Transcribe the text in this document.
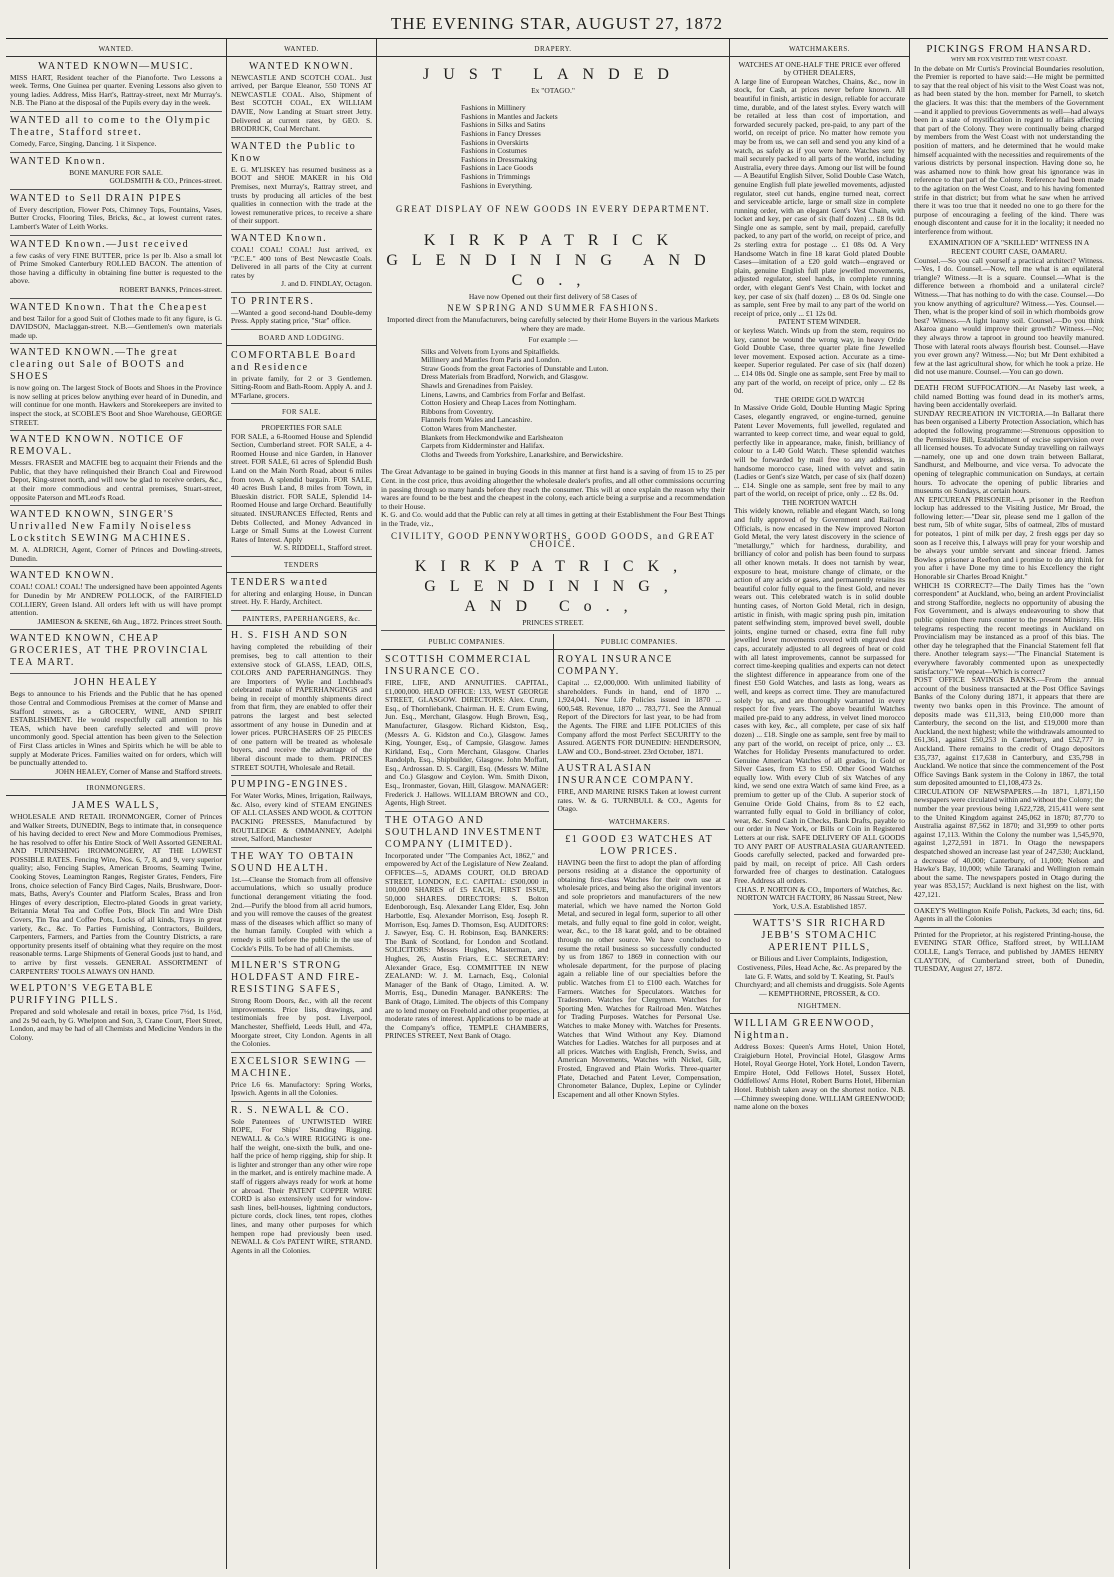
THE EVENING STAR, AUGUST 27, 1872
WANTED.

WANTED KNOWN—MUSIC.

MISS HART, Resident teacher of the Pianoforte. Two Lessons a week. Terms, One Guinea per quarter. Evening Lessons also given to young ladies. Address, Miss Hart's, Rattray-street, next Mr Murray's. N.B. The Piano at the disposal of the Pupils every day in the week.

WANTED all to come to the Olympic Theatre, Stafford street.

Comedy, Farce, Singing, Dancing. 1 it Sixpence.

WANTED Known.

BONE MANURE FOR SALE.

GOLDSMITH & CO., Princes-street.

WANTED to Sell DRAIN PIPES

of Every description, Flower Pots, Chimney Tops, Fountains, Vases, Butter Crocks, Flooring Tiles, Bricks, &c., at lowest current rates. Lambert's Water of Leith Works.

WANTED Known.—Just received

a few casks of very FINE BUTTER, price 1s per lb. Also a small lot of Prime Smoked Canterbury ROLLED BACON. The attention of those having a difficulty in obtaining fine butter is requested to the above.

ROBERT BANKS, Princes-street.

WANTED Known. That the Cheapest

and best Tailor for a good Suit of Clothes made to fit any figure, is G. DAVIDSON, Maclaggan-street. N.B.—Gentlemen's own materials made up.

WANTED KNOWN.—The great clearing out Sale of BOOTS and SHOES

is now going on. The largest Stock of Boots and Shoes in the Province is now selling at prices below anything ever heard of in Dunedin, and will continue for one month. Hawkers and Storekeepers are invited to inspect the stock, at SCOBLE'S Boot and Shoe Warehouse, GEORGE STREET.

WANTED KNOWN. NOTICE OF REMOVAL.

Messrs. FRASER and MACFIE beg to acquaint their Friends and the Public, that they have relinquished their Branch Coal and Firewood Depot, King-street north, and will now be glad to receive orders, &c., at their more commodious and central premises, Stuart-street, opposite Paterson and M'Leod's Road.

WANTED KNOWN, SINGER'S Unrivalled New Family Noiseless Lockstitch SEWING MACHINES.

M. A. ALDRICH, Agent, Corner of Princes and Dowling-streets, Dunedin.

WANTED KNOWN.

COAL! COAL! COAL! The undersigned have been appointed Agents for Dunedin by Mr ANDREW POLLOCK, of the FAIRFIELD COLLIERY, Green Island. All orders left with us will have prompt attention.

JAMIESON & SKENE, 6th Aug., 1872. Princes street South.

WANTED KNOWN, CHEAP GROCERIES, AT THE PROVINCIAL TEA MART.

JOHN HEALEY

Begs to announce to his Friends and the Public that he has opened those Central and Commodious Premises at the corner of Manse and Stafford streets, as a GROCERY, WINE, AND SPIRIT ESTABLISHMENT. He would respectfully call attention to his TEAS, which have been carefully selected and will prove uncommonly good. Special attention has been given to the Selection of First Class articles in Wines and Spirits which he will be able to supply at Moderate Prices. Families waited on for orders, which will be punctually attended to.

JOHN HEALEY, Corner of Manse and Stafford streets.

IRONMONGERS.

JAMES WALLS,

WHOLESALE AND RETAIL IRONMONGER, Corner of Princes and Walker Streets, DUNEDIN, Begs to intimate that, in consequence of his having decided to erect New and More Commodious Premises, he has resolved to offer his Entire Stock of Well Assorted GENERAL AND FURNISHING IRONMONGERY, AT THE LOWEST POSSIBLE RATES. Fencing Wire, Nos. 6, 7, 8, and 9, very superior quality; also, Fencing Staples, American Brooms, Seaming Twine, Cooking Stoves, Leamington Ranges, Register Grates, Fenders, Fire Irons, choice selection of Fancy Bird Cages, Nails, Brushware, Door-mats, Baths, Avery's Counter and Platform Scales, Brass and Iron Hinges of every description, Electro-plated Goods in great variety, Britannia Metal Tea and Coffee Pots, Block Tin and Wire Dish Covers, Tin Tea and Coffee Pots, Locks of all kinds, Trays in great variety, &c., &c. To Parties Furnishing, Contractors, Builders, Carpenters, Farmers, and Parties from the Country Districts, a rare opportunity presents itself of obtaining what they require on the most reasonable terms. Large Shipments of General Goods just to hand, and to arrive by first vessels. GENERAL ASSORTMENT of CARPENTERS' TOOLS ALWAYS ON HAND.

WELPTON'S VEGETABLE PURIFYING PILLS.

Prepared and sold wholesale and retail in boxes, price 7½d, 1s 1½d, and 2s 9d each, by G. Whelpton and Son, 3, Crane Court, Fleet Street, London, and may be had of all Chemists and Medicine Vendors in the Colony.

WANTED.

WANTED KNOWN.

NEWCASTLE AND SCOTCH COAL. Just arrived, per Barque Eleanor, 550 TONS AT NEWCASTLE COAL. Also, Shipment of Best SCOTCH COAL, EX WILLIAM DAVIE, Now Landing at Stuart street Jetty. Delivered at current rates, by GEO. S. BRODRICK, Coal Merchant.

WANTED the Public to Know

E. G. M'LISKEY has resumed business as a BOOT and SHOE MAKER in his Old Premises, next Murray's, Rattray street, and trusts by producing all articles of the best qualities in connection with the trade at the lowest remunerative prices, to receive a share of their support.

WANTED Known.

COAL! COAL! COAL! Just arrived, ex "P.C.E." 400 tons of Best Newcastle Coals. Delivered in all parts of the City at current rates by

J. and D. FINDLAY, Octagon.

TO PRINTERS.

—Wanted a good second-hand Double-demy Press. Apply stating price, "Star" office.

BOARD AND LODGING.

COMFORTABLE Board and Residence

in private family, for 2 or 3 Gentlemen. Sitting-Room and Bath-Room. Apply A. and J. M'Farlane, grocers.

FOR SALE.

PROPERTIES FOR SALE

FOR SALE, a 6-Roomed House and Splendid Section, Cumberland street. FOR SALE, a 4-Roomed House and nice Garden, in Hanover street. FOR SALE, 61 acres of Splendid Bush Land on the Main North Road, about 6 miles from town. A splendid bargain. FOR SALE, 40 acres Bush Land, 8 miles from Town, in Blueskin district. FOR SALE, Splendid 14-Roomed House and large Orchard. Beautifully situated. INSURANCES Effected, Rents and Debts Collected, and Money Advanced in Large or Small Sums at the Lowest Current Rates of Interest. Apply

W. S. RIDDELL, Stafford street.

TENDERS

TENDERS wanted

for altering and enlarging House, in Duncan street. Hy. F. Hardy, Architect.

PAINTERS, PAPERHANGERS, &c.

H. S. FISH AND SON

having completed the rebuilding of their premises, beg to call attention to their extensive stock of GLASS, LEAD, OILS, COLORS AND PAPERHANGINGS. They are Importers of Wylie and Lochhead's celebrated make of PAPERHANGINGS and being in receipt of monthly shipments direct from that firm, they are enabled to offer their patrons the largest and best selected assortment of any house in Dunedin and at lower prices. PURCHASERS OF 25 PIECES of one pattern will be treated as wholesale buyers, and receive the advantage of the liberal discount made to them. PRINCES STREET SOUTH, Wholesale and Retail.

PUMPING-ENGINES.

For Water Works, Mines, Irrigation, Railways, &c. Also, every kind of STEAM ENGINES OF ALL CLASSES AND WOOL & COTTON PACKING PRESSES, Manufactured by ROUTLEDGE & OMMANNEY, Adelphi street, Salford, Manchester

THE WAY TO OBTAIN SOUND HEALTH.

1st.—Cleanse the Stomach from all offensive accumulations, which so usually produce functional derangement vitiating the food. 2nd.—Purify the blood from all acrid humors, and you will remove the causes of the greatest mass of the diseases which afflict so many of the human family. Coupled with which a remedy is still before the public in the use of Cockle's Pills. To be had of all Chemists.

MILNER'S STRONG HOLDFAST AND FIRE-RESISTING SAFES,

Strong Room Doors, &c., with all the recent improvements. Price lists, drawings, and testimonials free by post. Liverpool, Manchester, Sheffield, Leeds Hull, and 47a, Moorgate street, City London. Agents in all the Colonies.

EXCELSIOR SEWING — MACHINE.

Price L6 6s. Manufactory: Spring Works, Ipswich. Agents in all the Colonies.

R. S. NEWALL & CO.

Sole Patentees of UNTWISTED WIRE ROPE, For Ships' Standing Rigging. NEWALL & Co.'s WIRE RIGGING is one-half the weight, one-sixth the bulk, and one-half the price of hemp rigging, ship for ship. It is lighter and stronger than any other wire rope in the market, and is entirely machine made. A staff of riggers always ready for work at home or abroad. Their PATENT COPPER WIRE CORD is also extensively used for window-sash lines, bell-houses, lightning conductors, picture cords, clock lines, tent ropes, clothes lines, and many other purposes for which hempen rope had previously been used. NEWALL & Co's PATENT WIRE, STRAND. Agents in all the Colonies.

DRAPERY.

JUST LANDED

Ex "OTAGO."

Fashions in Millinery

Fashions in Mantles and Jackets

Fashions in Silks and Satins

Fashions in Fancy Dresses

Fashions in Overskirts

Fashions in Costumes

Fashions in Dressmaking

Fashions in Lace Goods

Fashions in Trimmings

Fashions in Everything.

GREAT DISPLAY OF NEW GOODS IN EVERY DEPARTMENT.

KIRKPATRICK GLENDINING AND Co.,

Have now Opened out their first delivery of 58 Cases of

NEW SPRING AND SUMMER FASHIONS.

Imported direct from the Manufacturers, being carefully selected by their Home Buyers in the various Markets where they are made.

For example :—

Silks and Velvets from Lyons and Spitalfields.

Millinery and Mantles from Paris and London.

Straw Goods from the great Factories of Dunstable and Luton.

Dress Materials from Bradford, Norwich, and Glasgow.

Shawls and Grenadines from Paisley.

Linens, Lawns, and Cambrics from Forfar and Belfast.

Cotton Hosiery and Cheap Laces from Nottingham.

Ribbons from Coventry.

Flannels from Wales and Lancashire.

Cotton Wares from Manchester.

Blankets from Heckmondwike and Earlsheaton

Carpets from Kidderminster and Halifax.

Cloths and Tweeds from Yorkshire, Lanarkshire, and Berwickshire.

The Great Advantage to be gained in buying Goods in this manner at first hand is a saving of from 15 to 25 per Cent. in the cost price, thus avoiding altogether the wholesale dealer's profits, and all other commissions occurring in passing through so many hands before they reach the consumer. This will at once explain the reason why their wares are found to be the best and the cheapest in the colony, each article being a surprise and a recommendation to their House.

K. G. and Co. would add that the Public can rely at all times in getting at their Establishment the Four Best Things in the Trade, viz.,

CIVILITY, GOOD PENNYWORTHS, GOOD GOODS, and GREAT CHOICE.

KIRKPATRICK, GLENDINING, AND Co.,

PRINCES STREET.

PUBLIC COMPANIES.

SCOTTISH COMMERCIAL INSURANCE CO.

FIRE, LIFE, AND ANNUITIES. CAPITAL, £1,000,000. HEAD OFFICE: 133, WEST GEORGE STREET, GLASGOW. DIRECTORS: Alex. Crum, Esq., of Thornliebank, Chairman. H. E. Crum Ewing, Jun. Esq., Merchant, Glasgow. Hugh Brown, Esq., Manufacturer, Glasgow. Richard Kidston, Esq., (Messrs A. G. Kidston and Co.), Glasgow. James King, Younger, Esq., of Campsie, Glasgow. James Kirkland, Esq., Corn Merchant, Glasgow. Charles Randolph, Esq., Shipbuilder, Glasgow. John Moffatt, Esq., Ardrossan. D. S. Cargill, Esq. (Messrs W. Milne and Co.) Glasgow and Ceylon. Wm. Smith Dixon, Esq., Ironmaster, Govan, Hill, Glasgow. MANAGER: Frederick J. Hallows. WILLIAM BROWN and CO., Agents, High Street.

THE OTAGO AND SOUTHLAND INVESTMENT COMPANY (LIMITED).

Incorporated under "The Companies Act, 1862," and empowered by Act of the Legislature of New Zealand. OFFICES—5, ADAMS COURT, OLD BROAD STREET, LONDON, E.C. CAPITAL: £500,000 in 100,000 SHARES of £5 EACH, FIRST ISSUE, 50,000 SHARES. DIRECTORS: S. Bolton Edenborough, Esq. Alexander Lang Elder, Esq. John Harbottle, Esq. Alexander Morrison, Esq. Joseph R. Morrison, Esq. James D. Thomson, Esq. AUDITORS: J. Sawyer, Esq. C. H. Robinson, Esq. BANKERS: The Bank of Scotland, for London and Scotland. SOLICITORS: Messrs Hughes, Masterman, and Hughes, 26, Austin Friars, E.C. SECRETARY: Alexander Grace, Esq. COMMITTEE IN NEW ZEALAND: W. J. M. Larnach, Esq., Colonial Manager of the Bank of Otago, Limited. A. W. Morris, Esq., Dunedin Manager. BANKERS: The Bank of Otago, Limited. The objects of this Company are to lend money on Freehold and other properties, at moderate rates of interest. Applications to be made at the Company's office, TEMPLE CHAMBERS, PRINCES STREET, Next Bank of Otago.

PUBLIC COMPANIES.

ROYAL INSURANCE COMPANY.

Capital ... £2,000,000. With unlimited liability of shareholders. Funds in hand, end of 1870 ... 1,924,041. New Life Policies issued in 1870 ... 600,548. Revenue, 1870 ... 783,771. See the Annual Report of the Directors for last year, to be had from the Agents. The FIRE and LIFE POLICIES of this Company afford the most Perfect SECURITY to the Assured. AGENTS FOR DUNEDIN: HENDERSON, LAW and CO., Bond-street. 23rd October, 1871.

AUSTRALASIAN INSURANCE COMPANY.

FIRE, AND MARINE RISKS Taken at lowest current rates. W. & G. TURNBULL & CO., Agents for Otago.

WATCHMAKERS.

£1 GOOD £3 WATCHES AT LOW PRICES.

HAVING been the first to adopt the plan of affording persons residing at a distance the opportunity of obtaining first-class Watches for their own use at wholesale prices, and being also the original inventors and sole proprietors and manufacturers of the new material, which we have named the Norton Gold Metal, and secured in legal form, superior to all other metals, and fully equal to fine gold in color, weight, wear, &c., to the 18 karat gold, and to be obtained through no other source. We have concluded to resume the retail business so successfully conducted by us from 1867 to 1869 in connection with our wholesale department, for the purpose of placing again a reliable line of our specialties before the public. Watches from £1 to £100 each. Watches for Farmers. Watches for Speculators. Watches for Tradesmen. Watches for Clergymen. Watches for Sporting Men. Watches for Railroad Men. Watches for Trading Purposes. Watches for Personal Use. Watches to make Money with. Watches for Presents. Watches that Wind Without any Key. Diamond Watches for Ladies. Watches for all purposes and at all prices. Watches with English, French, Swiss, and American Movements, Watches with Nickel, Gilt, Frosted, Engraved and Plain Works. Three-quarter Plate, Detached and Patent Lever, Compensation, Chronometer Balance, Duplex, Lepine or Cylinder Escapement and all other Known Styles.

WATCHMAKERS.

WATCHES AT ONE-HALF THE PRICE ever offered by OTHER DEALERS,

A large line of European Watches, Chains, &c., now in stock, for Cash, at prices never before known. All beautiful in finish, artistic in design, reliable for accurate time, durable, and of the latest styles. Every watch will be retailed at less than cost of importation, and forwarded securely packed, pre-paid, to any part of the world, on receipt of price. No matter how remote you may be from us, we can sell and send you any kind of a watch, as safely as if you were here. Watches sent by mail securely packed to all parts of the world, including Australia, every three days. Among our list will be found— A Beautiful English Silver, Solid Double Case Watch, genuine English full plate jewelled movements, adjusted regulator, steel cut hands, engine turned neat, correct and serviceable article, large or small size in complete running order, with an elegant Gent's Vest Chain, with locket and key, per case of six (half dozen) ... £8 0s 0d. Single one as sample, sent by mail, prepaid, carefully packed, to any part of the world, on receipt of price, and 2s sterling extra for postage ... £1 08s 0d. A Very Handsome Watch in fine 18 karat Gold plated Double Cases—imitation of a £20 gold watch—engraved or plain, genuine English full plate jewelled movements, adjusted regulator, steel hands, in complete running order, with elegant Gent's Vest Chain, with locket and key, per case of six (half dozen) ... £8 0s 0d. Single one as sample, sent Free by mail to any part of the world on receipt of price, only ... £1 12s 0d.

PATENT STEM WINDER.

or keyless Watch. Winds up from the stem, requires no key, cannot be wound the wrong way, in heavy Oride Gold Double Case, three quarter plate fine Jewelled lever movement. Exposed action. Accurate as a time-keeper. Superior regulated. Per case of six (half dozen) ... £14 08s 0d. Single one as sample, sent Free by mail to any part of the world, on receipt of price, only ... £2 8s 0d.

THE ORIDE GOLD WATCH

In Massive Oride Gold, Double Hunting Magic Spring Cases, elegantly engraved, or engine-turned, genuine Patent Lever Movements, full jewelled, regulated and warranted to keep correct time, and wear equal to gold, perfectly like in appearance, make, finish, brilliancy of colour to a L40 Gold Watch. These splendid watches will be forwarded by mail free to any address, in handsome morocco case, lined with velvet and satin (Ladies or Gent's size Watch, per case of six (half dozen) ... £14. Single one as sample, sent free by mail to any part of the world, on receipt of price, only ... £2 8s. 0d.

THE NORTON WATCH

This widely known, reliable and elegant Watch, so long and fully approved of by Government and Railroad Officials, is now encased in the New improved Norton Gold Metal, the very latest discovery in the science of "metallurgy," which for hardness, durability, and brilliancy of color and polish has been found to surpass all other known metals. It does not tarnish by wear, exposure to heat, moisture change of climate, or the action of any acids or gases, and permanently retains its beautiful color fully equal to the finest Gold, and never wears out. This celebrated watch is in solid double hunting cases, of Norton Gold Metal, rich in design, artistic in finish, with magic spring push pin, imitation patent selfwinding stem, improved bevel swell, double joints, engine turned or chased, extra fine full ruby jewelled lever movements covered with engraved dust caps, accurately adjusted to all degrees of heat or cold with all latest improvements, cannot be surpassed for correct time-keeping qualities and experts can not detect the slightest difference in appearance from one of the finest £50 Gold Watches, and lasts as long, wears as well, and keeps as correct time. They are manufactured solely by us, and are thoroughly warranted in every respect for five years. The above beautiful Watches mailed pre-paid to any address, in velvet lined morocco cases with key, &c., all complete, per case of six half dozen) ... £18. Single one as sample, sent free by mail to any part of the world, on receipt of price, only ... £3. Watches for Holiday Presents manufactured to order. Genuine American Watches of all grades, in Gold or Silver Cases, from £3 to £50. Other Good Watches equally low. With every Club of six Watches of any kind, we send one extra Watch of same kind Free, as a premium to getter up of the Club. A superior stock of Genuine Oride Gold Chains, from 8s to £2 each, warranted fully equal to Gold in brilliancy of color, wear, &c. Send Cash in Checks, Bank Drafts, payable to our order in New York, or Bills or Coin in Registered Letters at our risk. SAFE DELIVERY OF ALL GOODS TO ANY PART OF AUSTRALASIA GUARANTEED. Goods carefully selected, packed and forwarded pre-paid by mail, on receipt of price. All Cash orders forwarded free of charges to destination. Catalogues Free. Address all orders.

CHAS. P. NORTON & CO., Importers of Watches, &c. NORTON WATCH FACTORY, 86 Nassau Street, New York, U.S.A. Established 1857.

WATTS'S SIR RICHARD JEBB'S STOMACHIC APERIENT PILLS,

or Bilious and Liver Complaints, Indigestion, Costiveness, Piles, Head Ache, &c. As prepared by the late G. F. Watts, and sold by T. Keating, St. Paul's Churchyard; and all chemists and druggists. Sole Agents— KEMPTHORNE, PROSSER, & CO.

NIGHTMEN.

WILLIAM GREENWOOD, Nightman.

Address Boxes: Queen's Arms Hotel, Union Hotel, Craigieburn Hotel, Provincial Hotel, Glasgow Arms Hotel, Royal George Hotel, York Hotel, London Tavern, Empire Hotel, Odd Fellows Hotel, Sussex Hotel, Oddfellows' Arms Hotel, Robert Burns Hotel, Hibernian Hotel. Rubbish taken away on the shortest notice. N.B.—Chimney sweeping done. WILLIAM GREENWOOD; name alone on the boxes

PICKINGS FROM HANSARD.

WHY MR FOX VISITED THE WEST COAST.

In the debate on Mr Curtis's Provincial Boundaries resolution, the Premier is reported to have said:—He might be permitted to say that the real object of his visit to the West Coast was not, as had been stated by the hon. member for Parnell, to sketch the glaciers. It was this: that the members of the Government—and it applied to previous Governments as well—had always been in a state of mystification in regard to affairs affecting that part of the Colony. They were continually being charged by members from the West Coast with not understanding the position of matters, and he determined that he would make himself acquainted with the necessities and requirements of the various districts by personal inspection. Having done so, he was ashamed now to think how great his ignorance was in reference to that part of the Colony. Reference had been made to the agitation on the West Coast, and to his having fomented strife in that district; but from what he saw when he arrived there it was too true that it needed no one to go there for the purpose of encouraging a feeling of the kind. There was enough discontent and cause for it in the locality; it needed no interference from without.

EXAMINATION OF A "SKILLED" WITNESS IN A RECENT COURT CASE, OAMARU.

Counsel.—So you call yourself a practical architect? Witness.—Yes, I do. Counsel.—Now, tell me what is an equilateral triangle? Witness.—It is a square. Counsel.—What is the difference between a rhomboid and a unilateral circle? Witness.—That has nothing to do with the case. Counsel.—Do you know anything of agriculture? Witness.—Yes. Counsel.—Then, what is the proper kind of soil in which rhomboids grow best? Witness.—A light loamy soil. Counsel.—Do you think Akaroa guano would improve their growth? Witness.—No; they always throw a taproot in ground too heavily manured. Those with lateral roots always flourish best. Counsel.—Have you ever grown any? Witness.—No; but Mr Dent exhibited a few at the last agricultural show, for which he took a prize. He did not use manure. Counsel.—You can go down.

DEATH FROM SUFFOCATION.—At Naseby last week, a child named Botting was found dead in its mother's arms, having been accidentally overlaid.

SUNDAY RECREATION IN VICTORIA.—In Ballarat there has been organised a Liberty Protection Association, which has adopted the following programme:—Strenuous opposition to the Permissive Bill, Establishment of excise supervision over all licensed houses. To advocate Sunday travelling on railways—namely, one up and one down train between Ballarat, Sandhurst, and Melbourne, and vice versa. To advocate the opening of telegraphic communication on Sundays, at certain hours. To advocate the opening of public libraries and museums on Sundays, at certain hours.

AN EPICUREAN PRISONER.—A prisoner in the Reefton lockup has addressed to the Visiting Justice, Mr Broad, the following letter:—"Dear sir, please send me 1 gallon of the best rum, 5lb of white sugar, 5lbs of oatmeal, 2lbs of mustard for poteatos, 1 pint of milk per day, 2 fresh eggs per day so soon as I receive this, I always will pray for your worship and be always your umble servant and sincear friend. James Bowles a prisoner a Reefton and i promise to do any think for you after i have Done my time to his Excellency the right Honorable sir Charles Broad Knight."

WHICH IS CORRECT?—The Daily Times has the "own correspondent" at Auckland, who, being an ardent Provincialist and strong Staffordite, neglects no opportunity of abusing the Fox Government, and is always endeavouring to show that public opinion there runs counter to the present Ministry. His telegrams respecting the recent meetings in Auckland on Provincialism may be instanced as a proof of this bias. The other day he telegraphed that the Financial Statement fell flat there. Another telegram says:—"The Financial Statement is everywhere favorably commented upon as unexpectedly satisfactory." We repeat—Which is correct?

POST OFFICE SAVINGS BANKS.—From the annual account of the business transacted at the Post Office Savings Banks of the Colony during 1871, it appears that there are twenty two banks open in this Province. The amount of deposits made was £11,313, being £10,000 more than Canterbury, the second on the list, and £19,000 more than Auckland, the next highest; while the withdrawals amounted to £61,361, against £50,253 in Canterbury, and £52,777 in Auckland. There remains to the credit of Otago depositors £35,737, against £17,638 in Canterbury, and £35,798 in Auckland. We notice that since the commencement of the Post Office Savings Bank system in the Colony in 1867, the total sum deposited amounted to £1,108,473 2s.

CIRCULATION OF NEWSPAPERS.—In 1871, 1,871,150 newspapers were circulated within and without the Colony; the number the year previous being 1,622,728, 215,411 were sent to the United Kingdom against 245,062 in 1870; 87,770 to Australia against 87,562 in 1870; and 31,999 to other ports against 17,113. Within the Colony the number was 1,545,970, against 1,272,591 in 1871. In Otago the newspapers despatched showed an increase last year of 247,530; Auckland, a decrease of 40,000; Canterbury, of 11,000; Nelson and Hawke's Bay, 10,000; while Taranaki and Wellington remain about the same. The newspapers posted in Otago during the year was 853,157; Auckland is next highest on the list, with 427,121.

OAKEY'S Wellington Knife Polish, Packets, 3d each; tins, 6d. Agents in all the Colonies

Printed for the Proprietor, at his registered Printing-house, the EVENING STAR Office, Stafford street, by WILLIAM COLLE, Lang's Terrace, and published by JAMES HENRY CLAYTON, of Cumberland street, both of Dunedin, TUESDAY, August 27, 1872.
